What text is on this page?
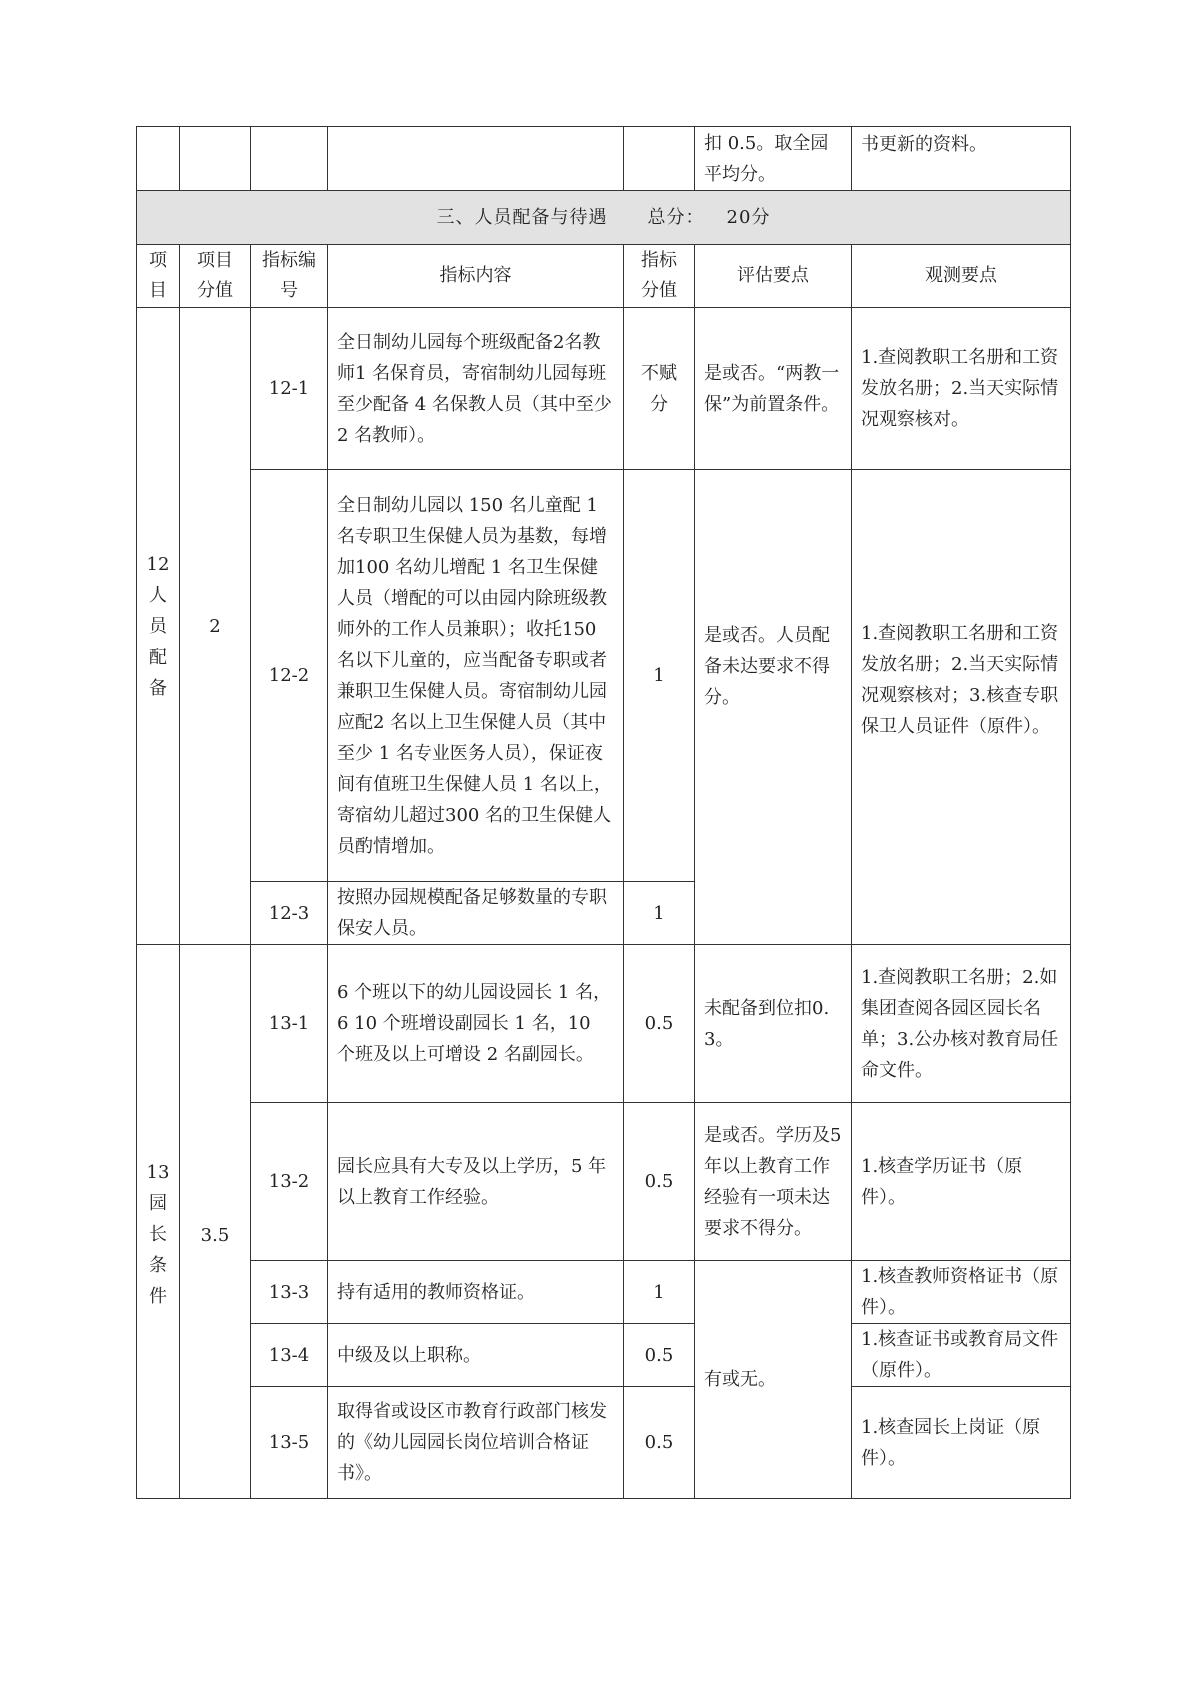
					扣 0.5。取全园平均分。	书更新的资料。
三、人员配备与待遇 总分： 20分						
项目	项目分值	指标编号	指标内容	指标分值	评估要点	观测要点

12
人
员
配
备	2	12-1	全日制幼儿园每个班级配备2名教师1 名保育员，寄宿制幼儿园每班至少配备 4 名保教人员（其中至少 2 名教师）。	不赋分	是或否。“两教一保”为前置条件。	1.查阅教职工名册和工资发放名册；2.当天实际情况观察核对。
		12-2	全日制幼儿园以 150 名儿童配 1 名专职卫生保健人员为基数，每增加100 名幼儿增配 1 名卫生保健人员（增配的可以由园内除班级教师外的工作人员兼职）；收托150名以下儿童的，应当配备专职或者兼职卫生保健人员。寄宿制幼儿园应配2 名以上卫生保健人员（其中至少 1 名专业医务人员），保证夜间有值班卫生保健人员 1 名以上，寄宿幼儿超过300 名的卫生保健人员酌情增加。	1	是或否。人员配备未达要求不得分。	1.查阅教职工名册和工资发放名册；2.当天实际情况观察核对；3.核查专职保卫人员证件（原件）。
		12-3	按照办园规模配备足够数量的专职保安人员。	1		

13
园
长
条
件	3.5	13-1	6 个班以下的幼儿园设园长 1 名，6 10 个班增设副园长 1 名，10 个班及以上可增设 2 名副园长。	0.5	未配备到位扣0.3。	1.查阅教职工名册；2.如集团查阅各园区园长名单；3.公办核对教育局任命文件。
		13-2	园长应具有大专及以上学历，5 年以上教育工作经验。	0.5	是或否。学历及5年以上教育工作经验有一项未达要求不得分。	1.核查学历证书（原件）。
		13-3	持有适用的教师资格证。	1	有或无。	1.核查教师资格证书（原件）。
		13-4	中级及以上职称。	0.5		1.核查证书或教育局文件（原件）。
		13-5	取得省或设区市教育行政部门核发的《幼儿园园长岗位培训合格证书》。	0.5		1.核查园长上岗证（原件）。
